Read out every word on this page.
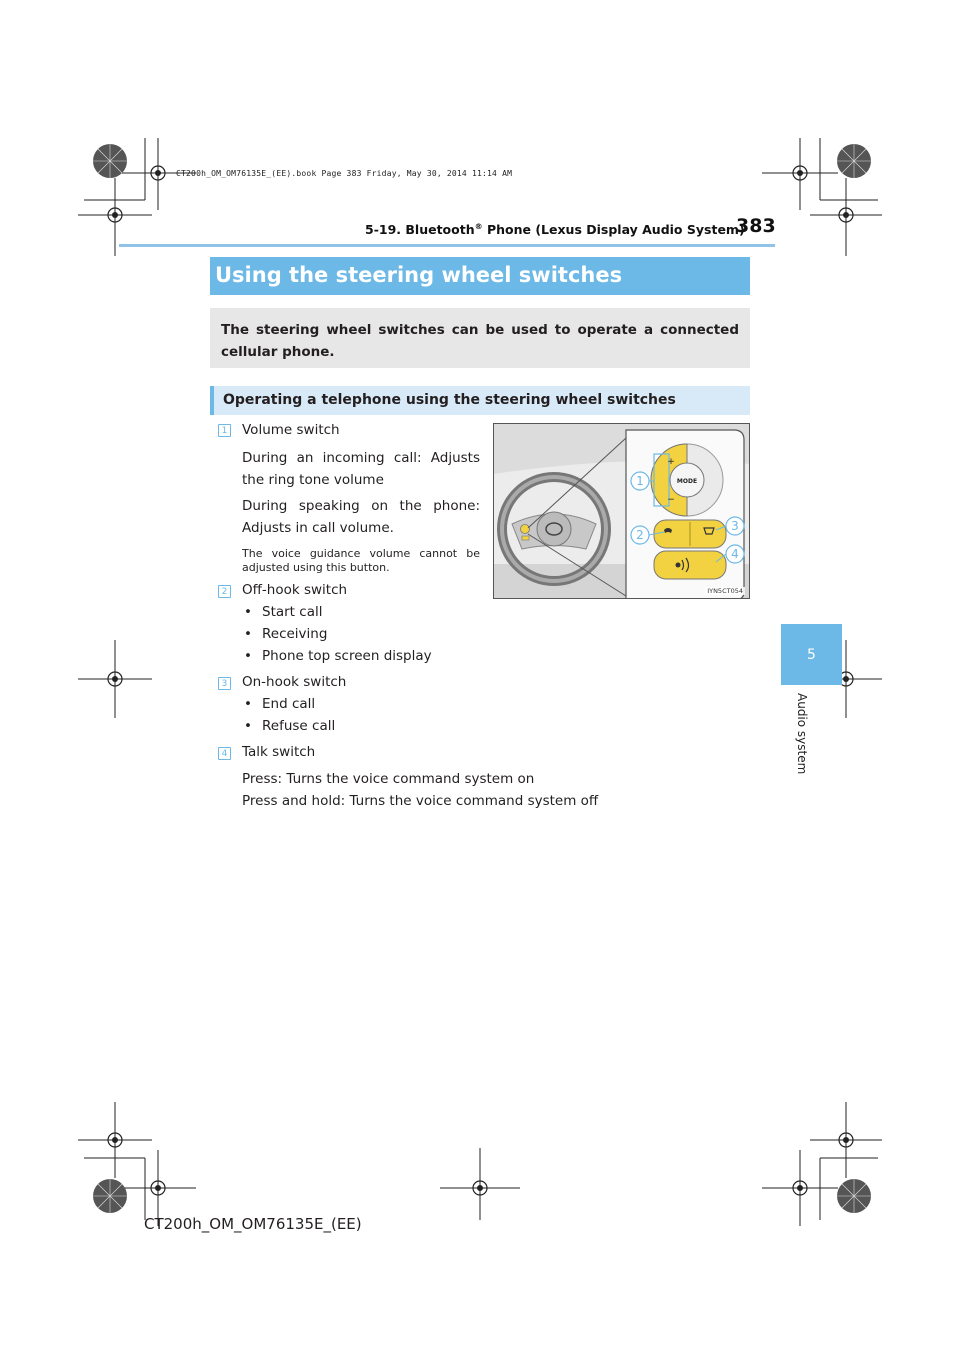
CT200h_OM_OM76135E_(EE).book Page 383 Friday, May 30, 2014 11:14 AM
5-19. Bluetooth® Phone (Lexus Display Audio System)
383
5
Audio system
Using the steering wheel switches
The steering wheel switches can be used to operate a connected cellular phone.
Operating a telephone using the steering wheel switches
1 Volume switch
During an incoming call: Adjusts the ring tone volume
During speaking on the phone: Adjusts in call volume.
The voice guidance volume cannot be adjusted using this button.
2 Off-hook switch
• Start call
• Receiving
• Phone top screen display
3 On-hook switch
• End call
• Refuse call
4 Talk switch
Press: Turns the voice command system on
Press and hold: Turns the voice command system off
1
2
3
4
MODE
+
−
IYN5CT054
CT200h_OM_OM76135E_(EE)
